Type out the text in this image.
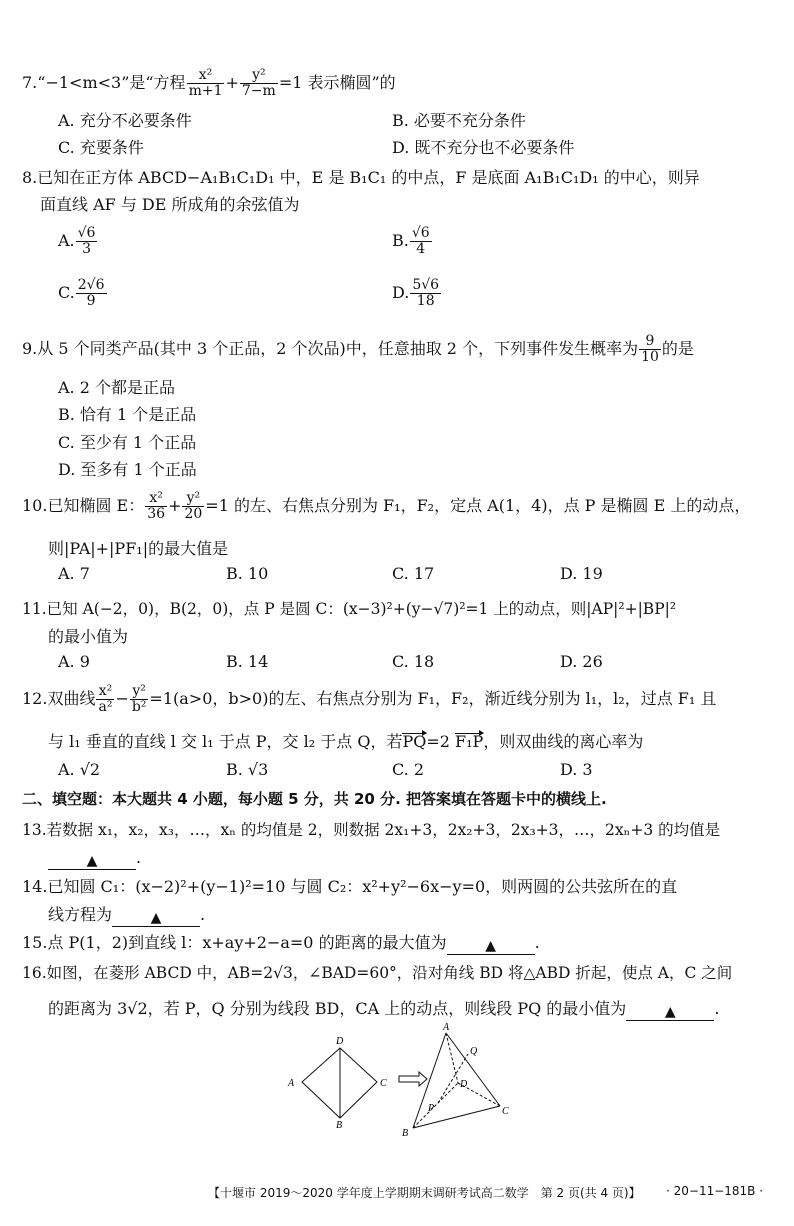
7.“−1<m<3”是“方程 $\frac{\text{x²}}{m+1} + \frac{\text{y²}}{7-m} =1$ 表示椭圆”的
A. 充分不必要条件	B. 必要不充分条件
C. 充要条件	D. 既不充分也不必要条件
8.已知在正方体 ABCD−A₁B₁C₁D₁ 中，E 是 B₁C₁ 的中点，F 是底面 A₁B₁C₁D₁ 的中心，则异
面直线 AF 与 DE 所成角的余弦值为
A. $\frac{√6}{3}$	B. $\frac{√6}{4}$
C. $\frac{2√6}{9}$	D. $\frac{5√6}{18}$
9.从 5 个同类产品(其中 3 个正品，2 个次品)中，任意抽取 2 个，下列事件发生概率为 $\frac{9}{10}$ 的是
A. 2 个都是正品
B. 恰有 1 个是正品
C. 至少有 1 个正品
D. 至多有 1 个正品
10.已知椭圆 E： $\frac{\text{x²}}{36} + \frac{\text{y²}}{20} =1$ 的左、右焦点分别为 F₁，F₂，定点 A(1，4)，点 P 是椭圆 E 上的动点，
则|PA|+|PF₁|的最大值是
A. 7	B. 10	C. 17	D. 19
11.已知 A(−2，0)，B(2，0)，点 P 是圆 C：(x−3)²+(y−√7)²=1 上的动点，则|AP|²+|BP|²
的最小值为
A. 9	B. 14	C. 18	D. 26
12.双曲线 $\frac{\text{x²}}{\text{a²}} - \frac{\text{y²}}{\text{b²}} =1(a>0$，b>0)的左、右焦点分别为 F₁，F₂，渐近线分别为 l₁，l₂，过点 F₁ 且
与 l₁ 垂直的直线 l 交 l₁ 于点 P，交 l₂ 于点 Q，若PQ=2 F₁P，则双曲线的离心率为
A. √2	B. √3	C. 2	D. 3
二、填空题：本大题共 4 小题，每小题 5 分，共 20 分. 把答案填在答题卡中的横线上.
13.若数据 x₁，x₂，x₃，…，xₙ 的均值是 2，则数据 2x₁+3，2x₂+3，2x₃+3，…，2xₙ+3 的均值是
▲ .
14.已知圆 C₁：(x−2)²+(y−1)²=10 与圆 C₂：x²+y²−6x−y=0，则两圆的公共弦所在的直
线方程为	▲ .
15.点 P(1，2)到直线 l：x+ay+2−a=0 的距离的最大值为	▲ .
16.如图，在菱形 ABCD 中，AB=2√3，∠BAD=60°，沿对角线 BD 将△ABD 折起，使点 A，C 之间
的距离为 3√2，若 P，Q 分别为线段 BD，CA 上的动点，则线段 PQ 的最小值为	▲ .
D
A	C
B
A
Q
D
P	C
B
【十堰市 2019～2020 学年度上学期期末调研考试高二数学　第 2 页(共 4 页)】 · 20−11−181B ·
